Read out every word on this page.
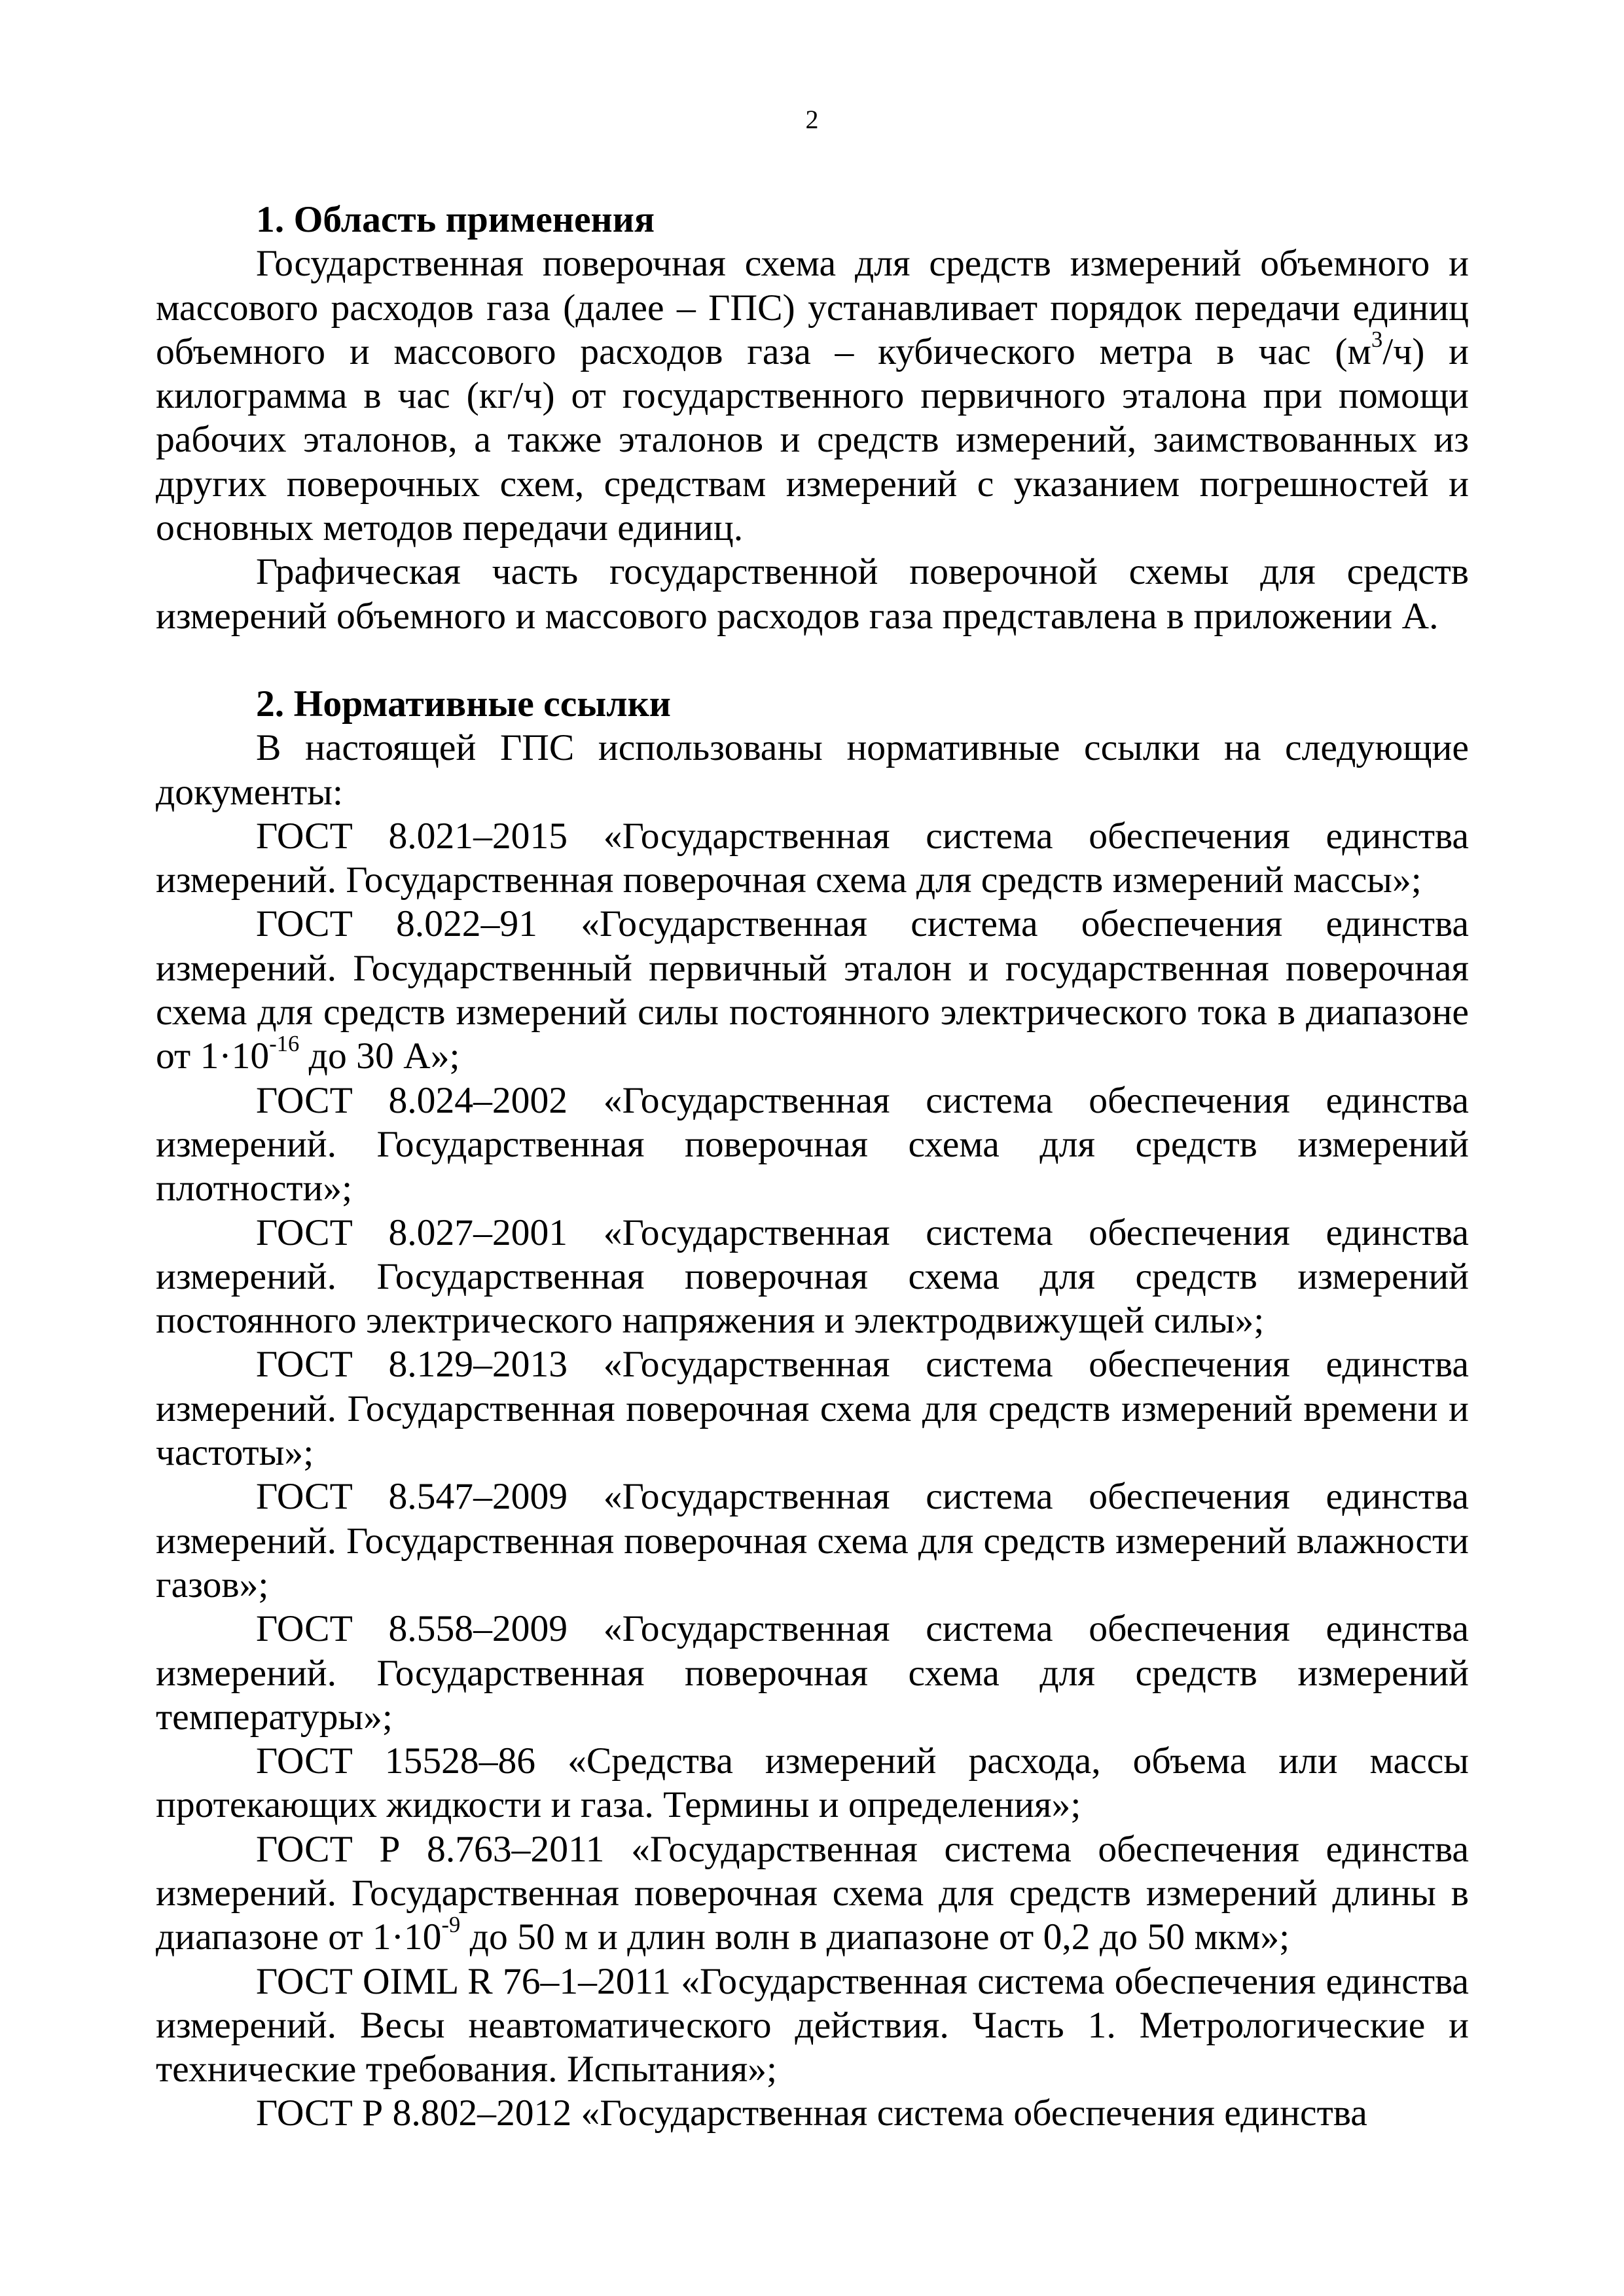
2
1. Область применения

Государственная поверочная схема для средств измерений объемного и массового расходов газа (далее – ГПС) устанавливает порядок передачи единиц объемного и массового расходов газа – кубического метра в час $(м^3/ч)$ и килограмма в час (кг/ч) от государственного первичного эталона при помощи рабочих эталонов, а также эталонов и средств измерений, заимствованных из других поверочных схем, средствам измерений с указанием погрешностей и основных методов передачи единиц.

Графическая часть государственной поверочной схемы для средств измерений объемного и массового расходов газа представлена в приложении А.

2. Нормативные ссылки

В настоящей ГПС использованы нормативные ссылки на следующие документы:

ГОСТ 8.021–2015 «Государственная система обеспечения единства измерений. Государственная поверочная схема для средств измерений массы»;

ГОСТ 8.022–91 «Государственная система обеспечения единства измерений. Государственный первичный эталон и государственная поверочная схема для средств измерений силы постоянного электрического тока в диапазоне от $1\cdot 10^{-16}$ до 30 А»;

ГОСТ 8.024–2002 «Государственная система обеспечения единства измерений. Государственная поверочная схема для средств измерений плотности»;

ГОСТ 8.027–2001 «Государственная система обеспечения единства измерений. Государственная поверочная схема для средств измерений постоянного электрического напряжения и электродвижущей силы»;

ГОСТ 8.129–2013 «Государственная система обеспечения единства измерений. Государственная поверочная схема для средств измерений времени и частоты»;

ГОСТ 8.547–2009 «Государственная система обеспечения единства измерений. Государственная поверочная схема для средств измерений влажности газов»;

ГОСТ 8.558–2009 «Государственная система обеспечения единства измерений. Государственная поверочная схема для средств измерений температуры»;

ГОСТ 15528–86 «Средства измерений расхода, объема или массы протекающих жидкости и газа. Термины и определения»;

ГОСТ Р 8.763–2011 «Государственная система обеспечения единства измерений. Государственная поверочная схема для средств измерений длины в диапазоне от $1\cdot 10^{-9}$ до 50 м и длин волн в диапазоне от 0,2 до 50 мкм»;

ГОСТ OIML R 76–1–2011 «Государственная система обеспечения единства измерений. Весы неавтоматического действия. Часть 1. Метрологические и технические требования. Испытания»;

ГОСТ Р 8.802–2012 «Государственная система обеспечения единства
